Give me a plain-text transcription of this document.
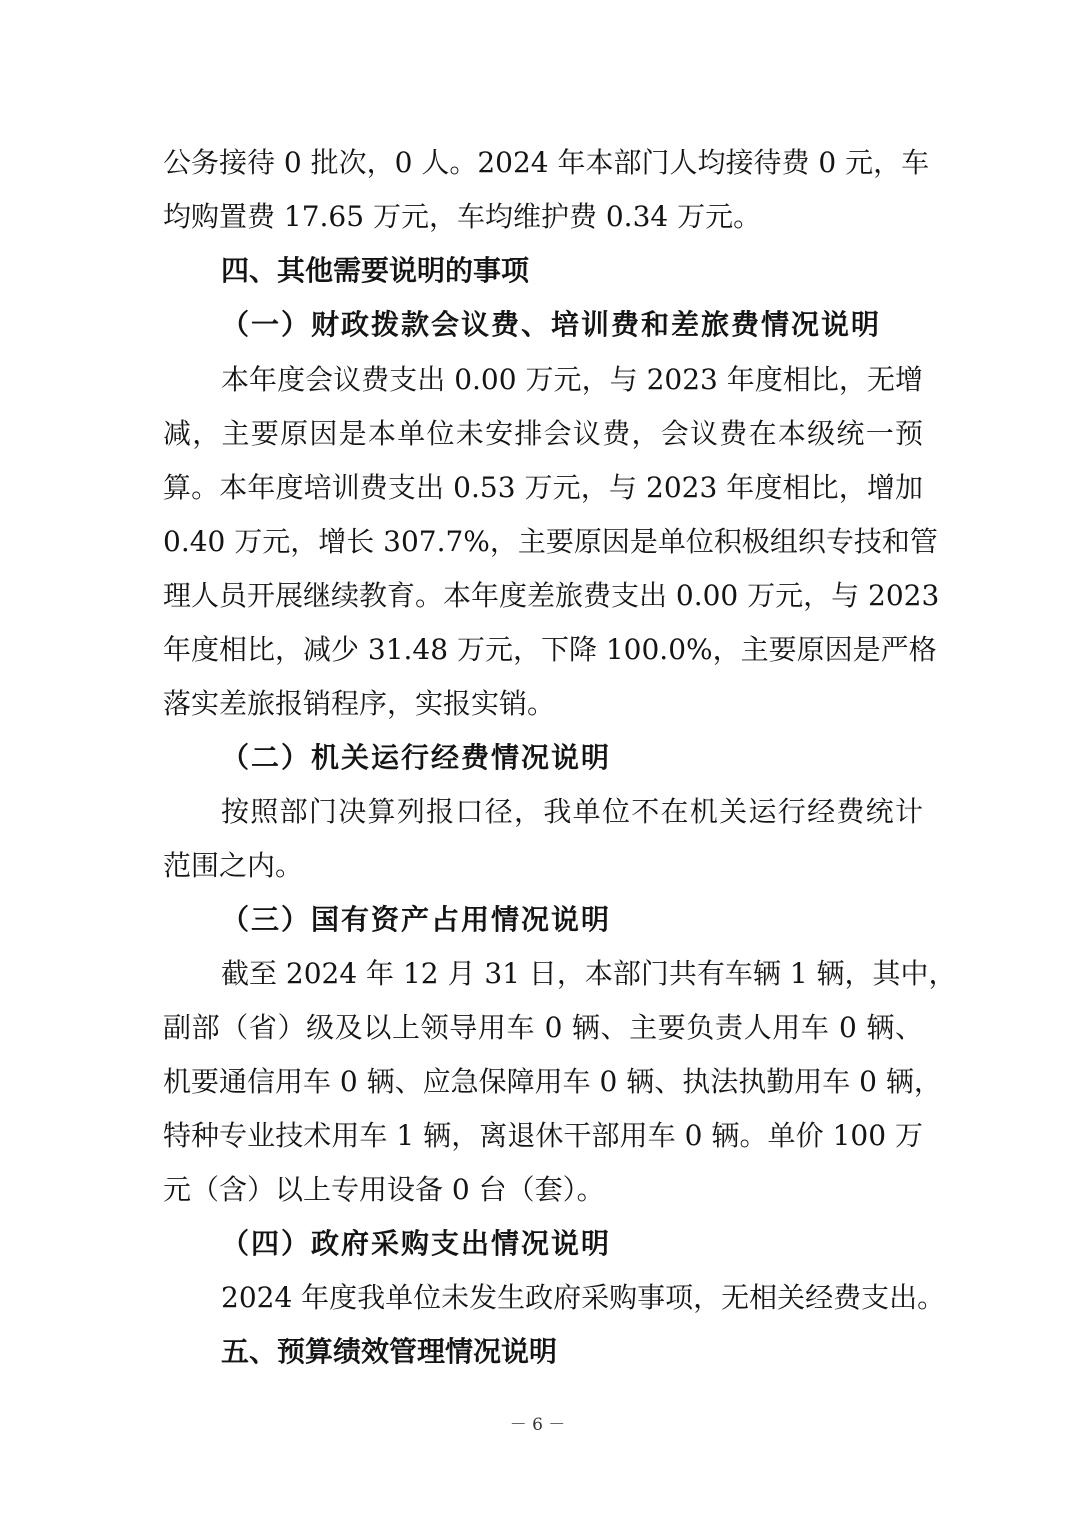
公务接待 0 批次，0 人。2024 年本部门人均接待费 0 元，车
均购置费 17.65 万元，车均维护费 0.34 万元。
四、其他需要说明的事项
（一）财政拨款会议费、培训费和差旅费情况说明
本年度会议费支出 0.00 万元，与 2023 年度相比，无增
减，主要原因是本单位未安排会议费，会议费在本级统一预
算。本年度培训费支出 0.53 万元，与 2023 年度相比，增加
0.40 万元，增长 307.7%，主要原因是单位积极组织专技和管
理人员开展继续教育。本年度差旅费支出 0.00 万元，与 2023
年度相比，减少 31.48 万元，下降 100.0%，主要原因是严格
落实差旅报销程序，实报实销。
（二）机关运行经费情况说明
按照部门决算列报口径，我单位不在机关运行经费统计
范围之内。
（三）国有资产占用情况说明
截至 2024 年 12 月 31 日，本部门共有车辆 1 辆，其中，
副部（省）级及以上领导用车 0 辆、主要负责人用车 0 辆、
机要通信用车 0 辆、应急保障用车 0 辆、执法执勤用车 0 辆，
特种专业技术用车 1 辆，离退休干部用车 0 辆。单价 100 万
元（含）以上专用设备 0 台（套）。
（四）政府采购支出情况说明
2024 年度我单位未发生政府采购事项，无相关经费支出。
五、预算绩效管理情况说明
－ 6 －
